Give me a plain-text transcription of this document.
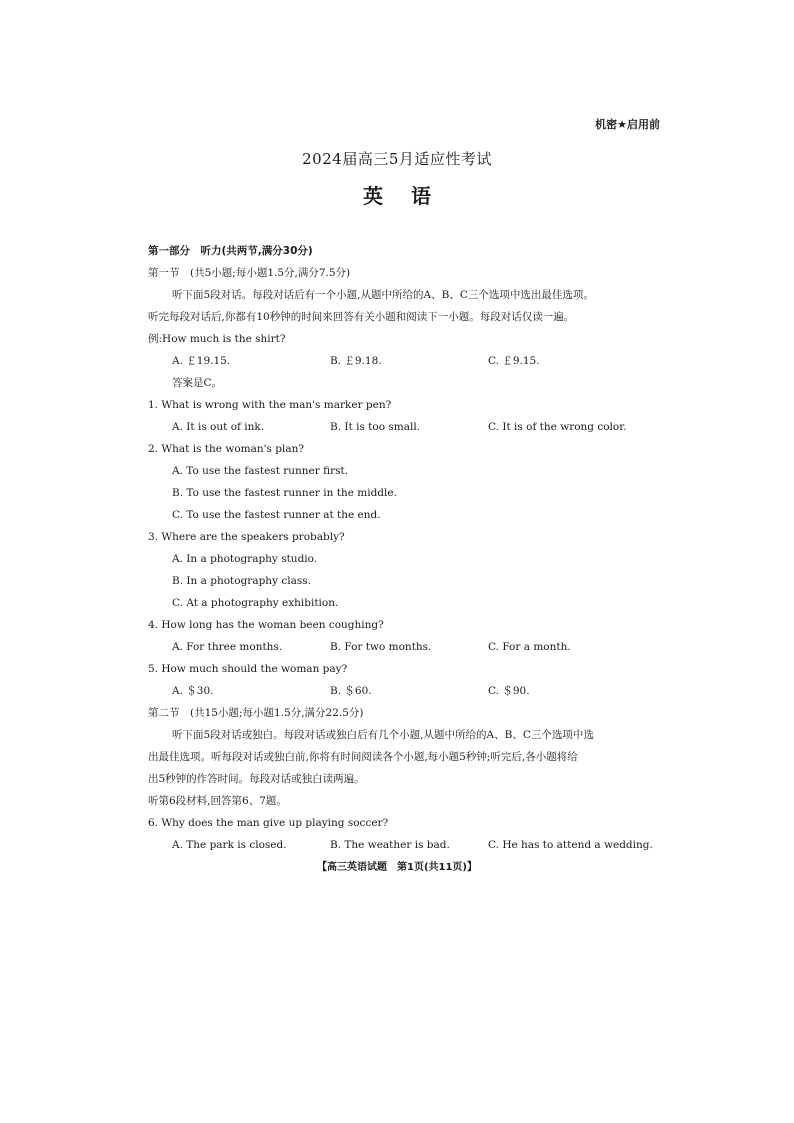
机密★启用前
2024届高三5月适应性考试
英语
第一部分　听力(共两节,满分30分)
第一节　(共5小题;每小题1.5分,满分7.5分)
听下面5段对话。每段对话后有一个小题,从题中所给的A、B、C三个选项中选出最佳选项。
听完每段对话后,你都有10秒钟的时间来回答有关小题和阅读下一小题。每段对话仅读一遍。
例:How much is the shirt?
A. ￡19.15.	B. ￡9.18.	C. ￡9.15.
答案是C。
1. What is wrong with the man's marker pen?
A. It is out of ink.	B. It is too small.	C. It is of the wrong color.
2. What is the woman's plan?
A. To use the fastest runner first.
B. To use the fastest runner in the middle.
C. To use the fastest runner at the end.
3. Where are the speakers probably?
A. In a photography studio.
B. In a photography class.
C. At a photography exhibition.
4. How long has the woman been coughing?
A. For three months.	B. For two months.	C. For a month.
5. How much should the woman pay?
A. ＄30.	B. ＄60.	C. ＄90.
第二节　(共15小题;每小题1.5分,满分22.5分)
听下面5段对话或独白。每段对话或独白后有几个小题,从题中所给的A、B、C三个选项中选
出最佳选项。听每段对话或独白前,你将有时间阅读各个小题,每小题5秒钟;听完后,各小题将给
出5秒钟的作答时间。每段对话或独白读两遍。
听第6段材料,回答第6、7题。
6. Why does the man give up playing soccer?
A. The park is closed.	B. The weather is bad.	C. He has to attend a wedding.
【高三英语试题　第1页(共11页)】
